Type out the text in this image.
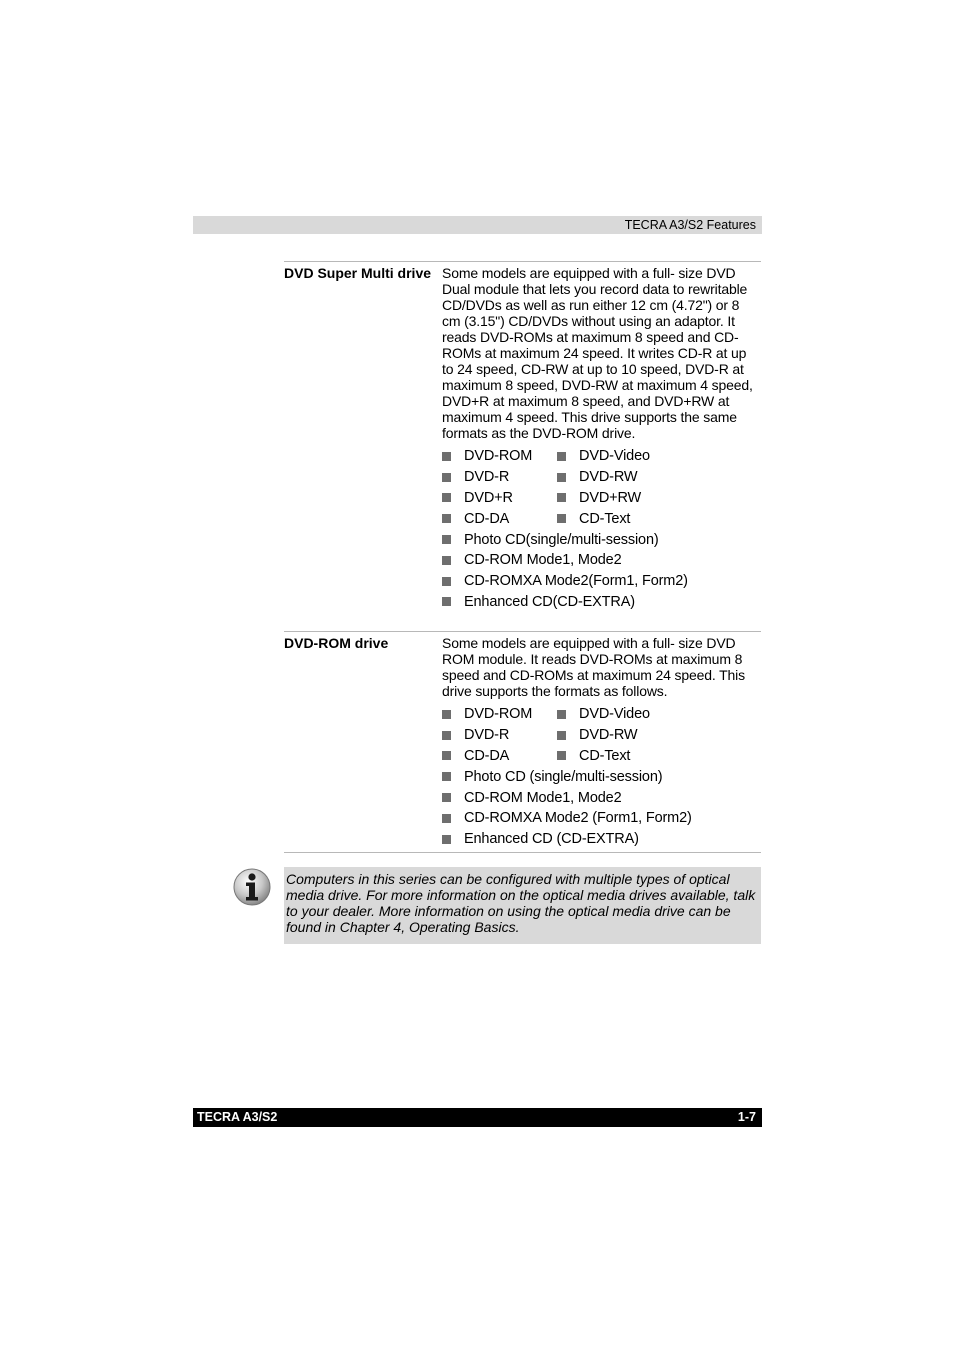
TECRA A3/S2 Features
DVD Super Multi drive Some models are equipped with a full- size DVD Dual module that lets you record data to rewritable CD/DVDs as well as run either 12 cm (4.72") or 8 cm (3.15") CD/DVDs without using an adaptor. It reads DVD-ROMs at maximum 8 speed and CD-ROMs at maximum 24 speed. It writes CD-R at up to 24 speed, CD-RW at up to 10 speed, DVD-R at maximum 8 speed, DVD-RW at maximum 4 speed, DVD+R at maximum 8 speed, and DVD+RW at maximum 4 speed. This drive supports the same formats as the DVD-ROM drive.

DVD-ROM	DVD-Video
DVD-R	DVD-RW
DVD+R	DVD+RW
CD-DA	CD-Text
Photo CD(single/multi-session)
CD-ROM Mode1, Mode2
CD-ROMXA Mode2(Form1, Form2)
Enhanced CD(CD-EXTRA)
DVD-ROM drive	Some models are equipped with a full- size DVD ROM module. It reads DVD-ROMs at maximum 8 speed and CD-ROMs at maximum 24 speed. This drive supports the formats as follows.

DVD-ROM	DVD-Video
DVD-R	DVD-RW
CD-DA	CD-Text
Photo CD (single/multi-session)
CD-ROM Mode1, Mode2
CD-ROMXA Mode2 (Form1, Form2)
Enhanced CD (CD-EXTRA)

Computers in this series can be configured with multiple types of optical media drive. For more information on the optical media drives available, talk to your dealer. More information on using the optical media drive can be found in Chapter 4, Operating Basics.

TECRA A3/S2	1-7
